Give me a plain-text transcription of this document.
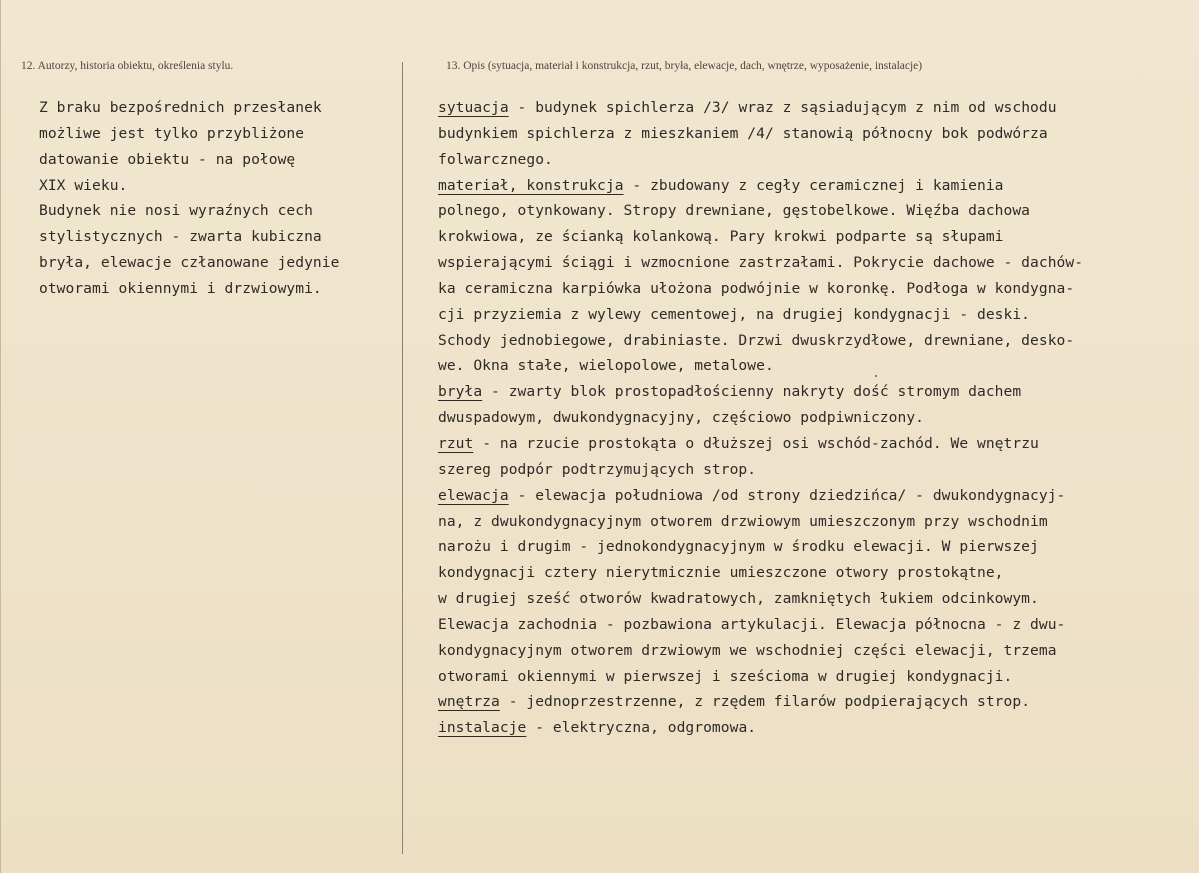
12. Autorzy, historia obiektu, określenia stylu.	13. Opis (sytuacja, materiał i konstrukcja, rzut, bryła, elewacje, dach, wnętrze, wyposażenie, instalacje)
Z braku bezpośrednich przesłanek
możliwe jest tylko przybliżone
datowanie obiektu - na połowę
XIX wieku.
Budynek nie nosi wyraźnych cech
stylistycznych - zwarta kubiczna
bryła, elewacje człanowane jedynie
otworami okiennymi i drzwiowymi.
sytuacja - budynek spichlerza /3/ wraz z sąsiadującym z nim od wschodu
budynkiem spichlerza z mieszkaniem /4/ stanowią północny bok podwórza
folwarcznego.
materiał, konstrukcja - zbudowany z cegły ceramicznej i kamienia
polnego, otynkowany. Stropy drewniane, gęstobelkowe. Więźba dachowa
krokwiowa, ze ścianką kolankową. Pary krokwi podparte są słupami
wspierającymi ściągi i wzmocnione zastrzałami. Pokrycie dachowe - dachów-
ka ceramiczna karpiówka ułożona podwójnie w koronkę. Podłoga w kondygna-
cji przyziemia z wylewy cementowej, na drugiej kondygnacji - deski.
Schody jednobiegowe, drabiniaste. Drzwi dwuskrzydłowe, drewniane, desko-
we. Okna stałe, wielopolowe, metalowe.
bryła - zwarty blok prostopadłościenny nakryty dość stromym dachem
dwuspadowym, dwukondygnacyjny, częściowo podpiwniczony.
rzut - na rzucie prostokąta o dłuższej osi wschód-zachód. We wnętrzu
szereg podpór podtrzymujących strop.
elewacja - elewacja południowa /od strony dziedzińca/ - dwukondygnacyj-
na, z dwukondygnacyjnym otworem drzwiowym umieszczonym przy wschodnim
narożu i drugim - jednokondygnacyjnym w środku elewacji. W pierwszej
kondygnacji cztery nierytmicznie umieszczone otwory prostokątne,
w drugiej sześć otworów kwadratowych, zamkniętych łukiem odcinkowym.
Elewacja zachodnia - pozbawiona artykulacji. Elewacja północna - z dwu-
kondygnacyjnym otworem drzwiowym we wschodniej części elewacji, trzema
otworami okiennymi w pierwszej i sześcioma w drugiej kondygnacji.
wnętrza - jednoprzestrzenne, z rzędem filarów podpierających strop.
instalacje - elektryczna, odgromowa.
